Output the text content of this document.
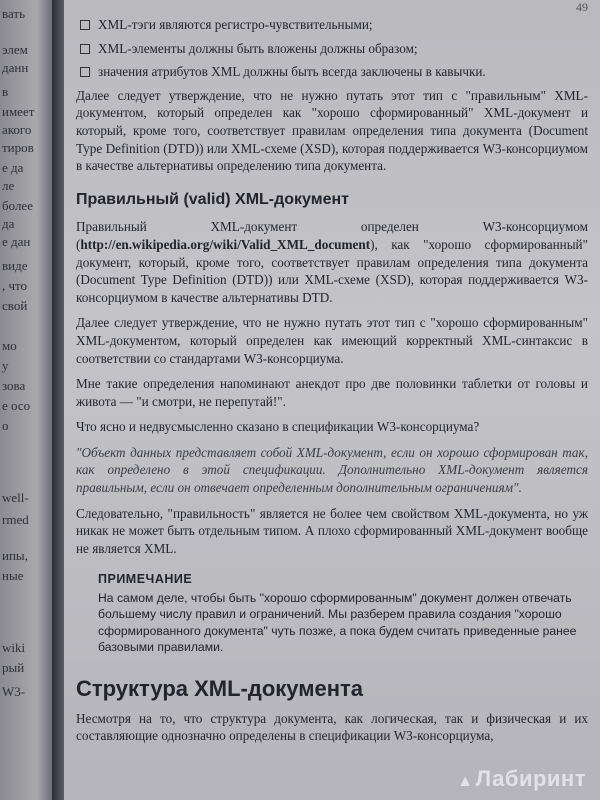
вать
элем
данн
в
имеет
акого
тиров
е да
ле
более
да
е дан
виде
, что
свой
мо
у
зова
е осо
о
well-
rmed
ипы,
ные
wiki
рый
W3-
49
XML-тэги являются регистро-чувствительными;
XML-элементы должны быть вложены должны образом;
значения атрибутов XML должны быть всегда заключены в кавычки.

Далее следует утверждение, что не нужно путать этот тип с "правильным" XML-документом, который определен как "хорошо сформированный" XML-документ и который, кроме того, соответствует правилам определения типа документа (Document Type Definition (DTD)) или XML-схеме (XSD), которая поддерживается W3-консорциумом в качестве альтернативы определению типа документа.

Правильный (valid) XML-документ

Правильный XML-документ определен W3-консорциумом (http://en.wikipedia.org/wiki/Valid_XML_document), как "хорошо сформированный" документ, который, кроме того, соответствует правилам определения типа документа (Document Type Definition (DTD)) или XML-схеме (XSD), которая поддерживается W3-консорциумом в качестве альтернативы DTD.

Далее следует утверждение, что не нужно путать этот тип с "хорошо сформированным" XML-документом, который определен как имеющий корректный XML-синтаксис в соответствии со стандартами W3-консорциума.

Мне такие определения напоминают анекдот про две половинки таблетки от головы и живота — "и смотри, не перепутай!".

Что ясно и недвусмысленно сказано в спецификации W3-консорциума?

"Объект данных представляет собой XML-документ, если он хорошо сформирован так, как определено в этой спецификации. Дополнительно XML-документ является правильным, если он отвечает определенным дополнительным ограничениям".

Следовательно, "правильность" является не более чем свойством XML-документа, но уж никак не может быть отдельным типом. А плохо сформированный XML-документ вообще не является XML.

ПРИМЕЧАНИЕ
На самом деле, чтобы быть "хорошо сформированным" документ должен отвечать большему числу правил и ограничений. Мы разберем правила создания "хорошо сформированного документа" чуть позже, а пока будем считать приведенные ранее базовыми правилами.
Структура XML-документа

Несмотря на то, что структура документа, как логическая, так и физическая и их составляющие однозначно определены в спецификации W3-консорциума,

▲Лабиринт
